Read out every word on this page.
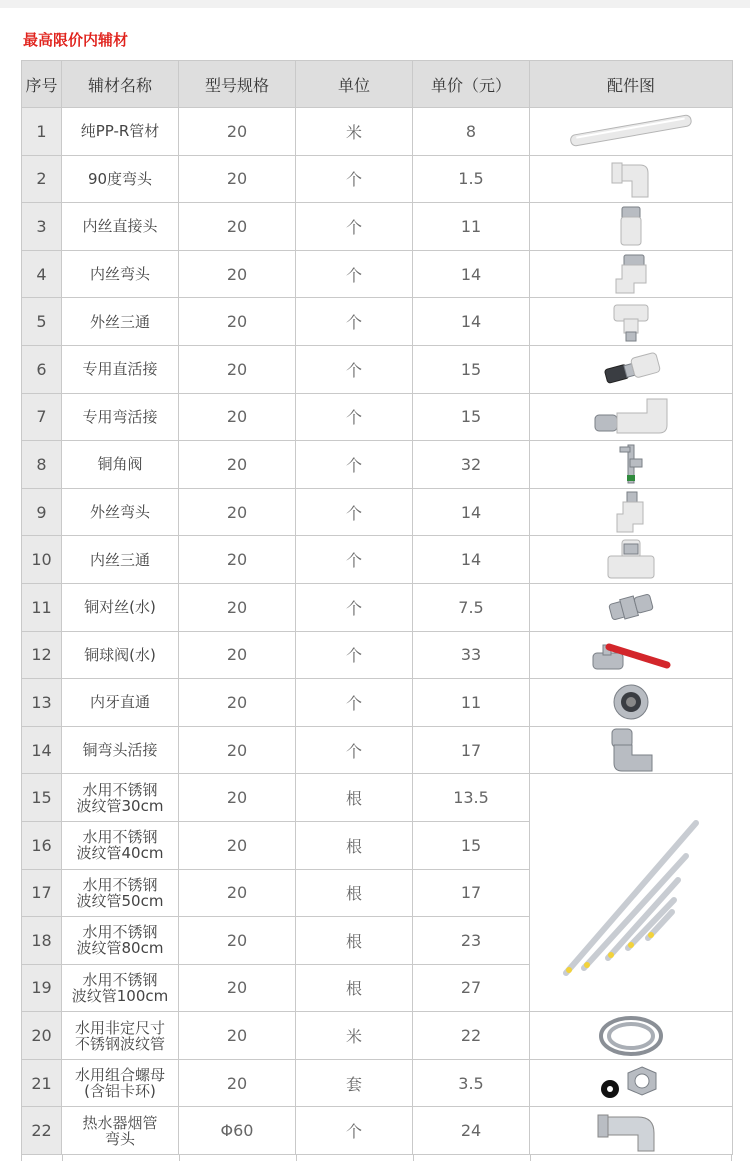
最高限价内辅材
序号	辅材名称	型号规格	单位	单价（元）	配件图
1	纯PP-R管材	20	米	8	

2	90度弯头	20	个	1.5	

3	内丝直接头	20	个	11	

4	内丝弯头	20	个	14	

5	外丝三通	20	个	14	

6	专用直活接	20	个	15	

7	专用弯活接	20	个	15	

8	铜角阀	20	个	32	

9	外丝弯头	20	个	14	

10	内丝三通	20	个	14	

11	铜对丝(水)	20	个	7.5	

12	铜球阀(水)	20	个	33	

13	内牙直通	20	个	11	

14	铜弯头活接	20	个	17	

15	水用不锈钢
波纹管30cm	20	根	13.5	

16	水用不锈钢
波纹管40cm	20	根	15	
17	水用不锈钢
波纹管50cm	20	根	17	
18	水用不锈钢
波纹管80cm	20	根	23	
19	水用不锈钢
波纹管100cm	20	根	27	
20	水用非定尺寸
不锈钢波纹管	20	米	22	

21	水用组合螺母
(含铝卡环)	20	套	3.5	

22	热水器烟管
弯头	Φ60	个	24	
